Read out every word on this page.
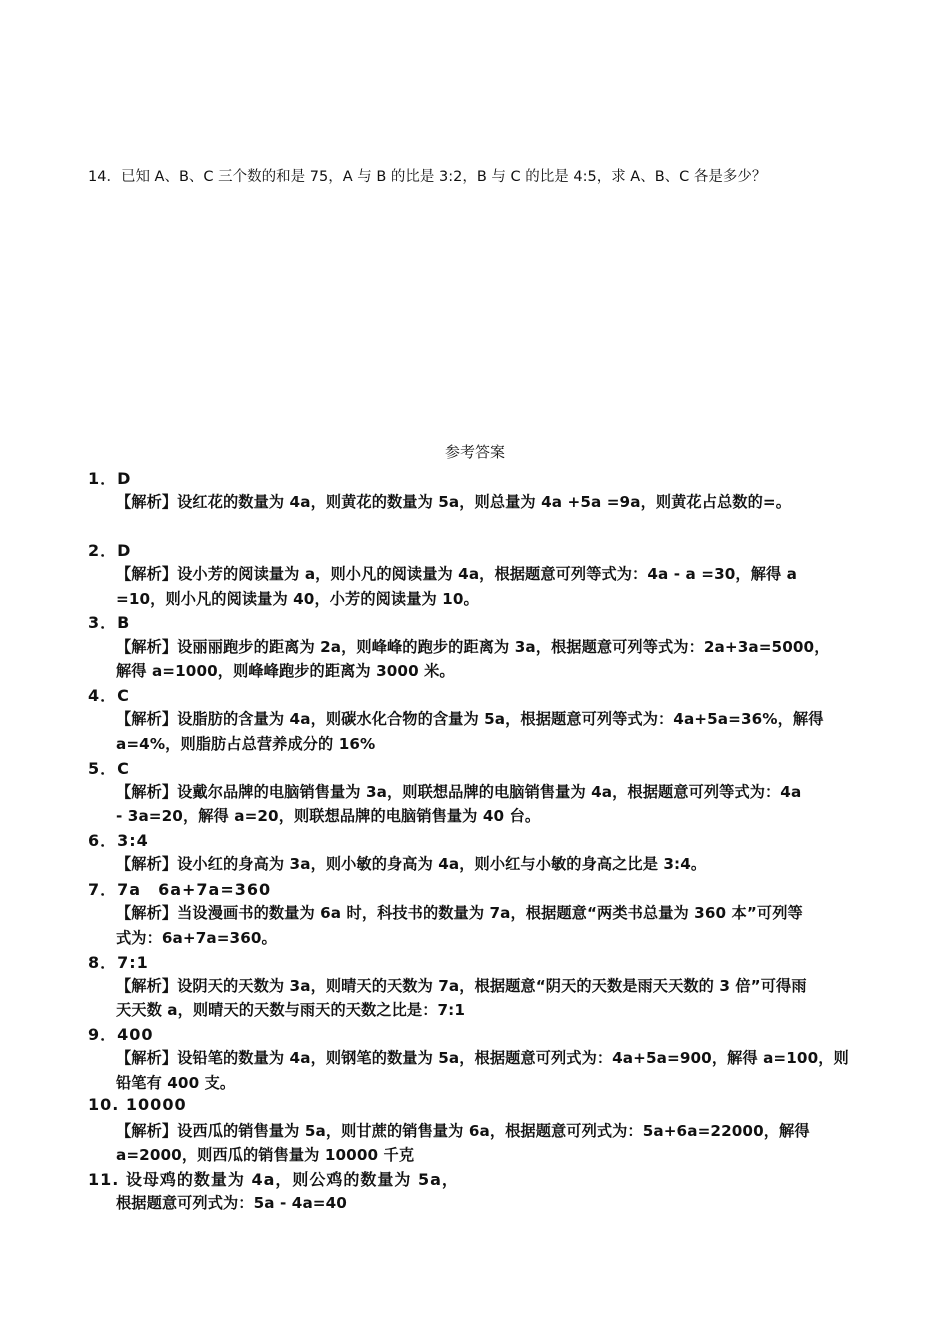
14．已知 A、B、C 三个数的和是 75，A 与 B 的比是 3:2，B 与 C 的比是 4:5，求 A、B、C 各是多少？
参考答案
1．D
【解析】设红花的数量为 4a，则黄花的数量为 5a，则总量为 4a +5a =9a，则黄花占总数的=。
2．D
【解析】设小芳的阅读量为 a，则小凡的阅读量为 4a，根据题意可列等式为：4a - a =30，解得 a
=10，则小凡的阅读量为 40，小芳的阅读量为 10。
3．B
【解析】设丽丽跑步的距离为 2a，则峰峰的跑步的距离为 3a，根据题意可列等式为：2a+3a=5000，
解得 a=1000，则峰峰跑步的距离为 3000 米。
4．C
【解析】设脂肪的含量为 4a，则碳水化合物的含量为 5a，根据题意可列等式为：4a+5a=36%，解得
a=4%，则脂肪占总营养成分的 16%
5．C
【解析】设戴尔品牌的电脑销售量为 3a，则联想品牌的电脑销售量为 4a，根据题意可列等式为：4a
- 3a=20，解得 a=20，则联想品牌的电脑销售量为 40 台。
6．3:4
【解析】设小红的身高为 3a，则小敏的身高为 4a，则小红与小敏的身高之比是 3:4。
7．7a　6a+7a=360
【解析】当设漫画书的数量为 6a 时，科技书的数量为 7a，根据题意“两类书总量为 360 本”可列等
式为：6a+7a=360。
8．7:1
【解析】设阴天的天数为 3a，则晴天的天数为 7a，根据题意“阴天的天数是雨天天数的 3 倍”可得雨
天天数 a，则晴天的天数与雨天的天数之比是：7:1
9．400
【解析】设铅笔的数量为 4a，则钢笔的数量为 5a，根据题意可列式为：4a+5a=900，解得 a=100，则
铅笔有 400 支。
10. 10000
【解析】设西瓜的销售量为 5a，则甘蔗的销售量为 6a，根据题意可列式为：5a+6a=22000，解得
a=2000，则西瓜的销售量为 10000 千克
11. 设母鸡的数量为 4a，则公鸡的数量为 5a，
根据题意可列式为：5a - 4a=40
